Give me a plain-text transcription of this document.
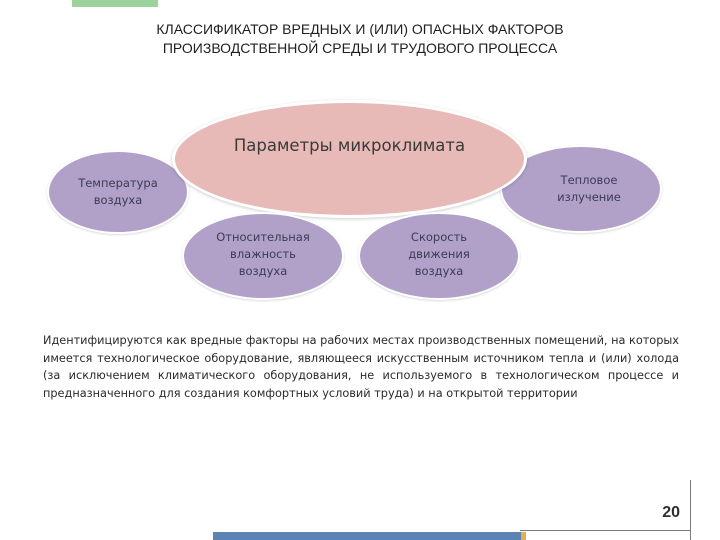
КЛАССИФИКАТОР ВРЕДНЫХ И (ИЛИ) ОПАСНЫХ ФАКТОРОВ
ПРОИЗВОДСТВЕННОЙ СРЕДЫ И ТРУДОВОГО ПРОЦЕССА
Температура
воздуха
Тепловое
излучение
Параметры микроклимата
Относительная
влажность
воздуха
Скорость
движения
воздуха
Идентифицируются как вредные факторы на рабочих местах производственных помещений, на которых имеется технологическое оборудование, являющееся искусственным источником тепла и (или) холода (за исключением климатического оборудования, не используемого в технологическом процессе и предназначенного для создания комфортных условий труда) и на открытой территории
20
